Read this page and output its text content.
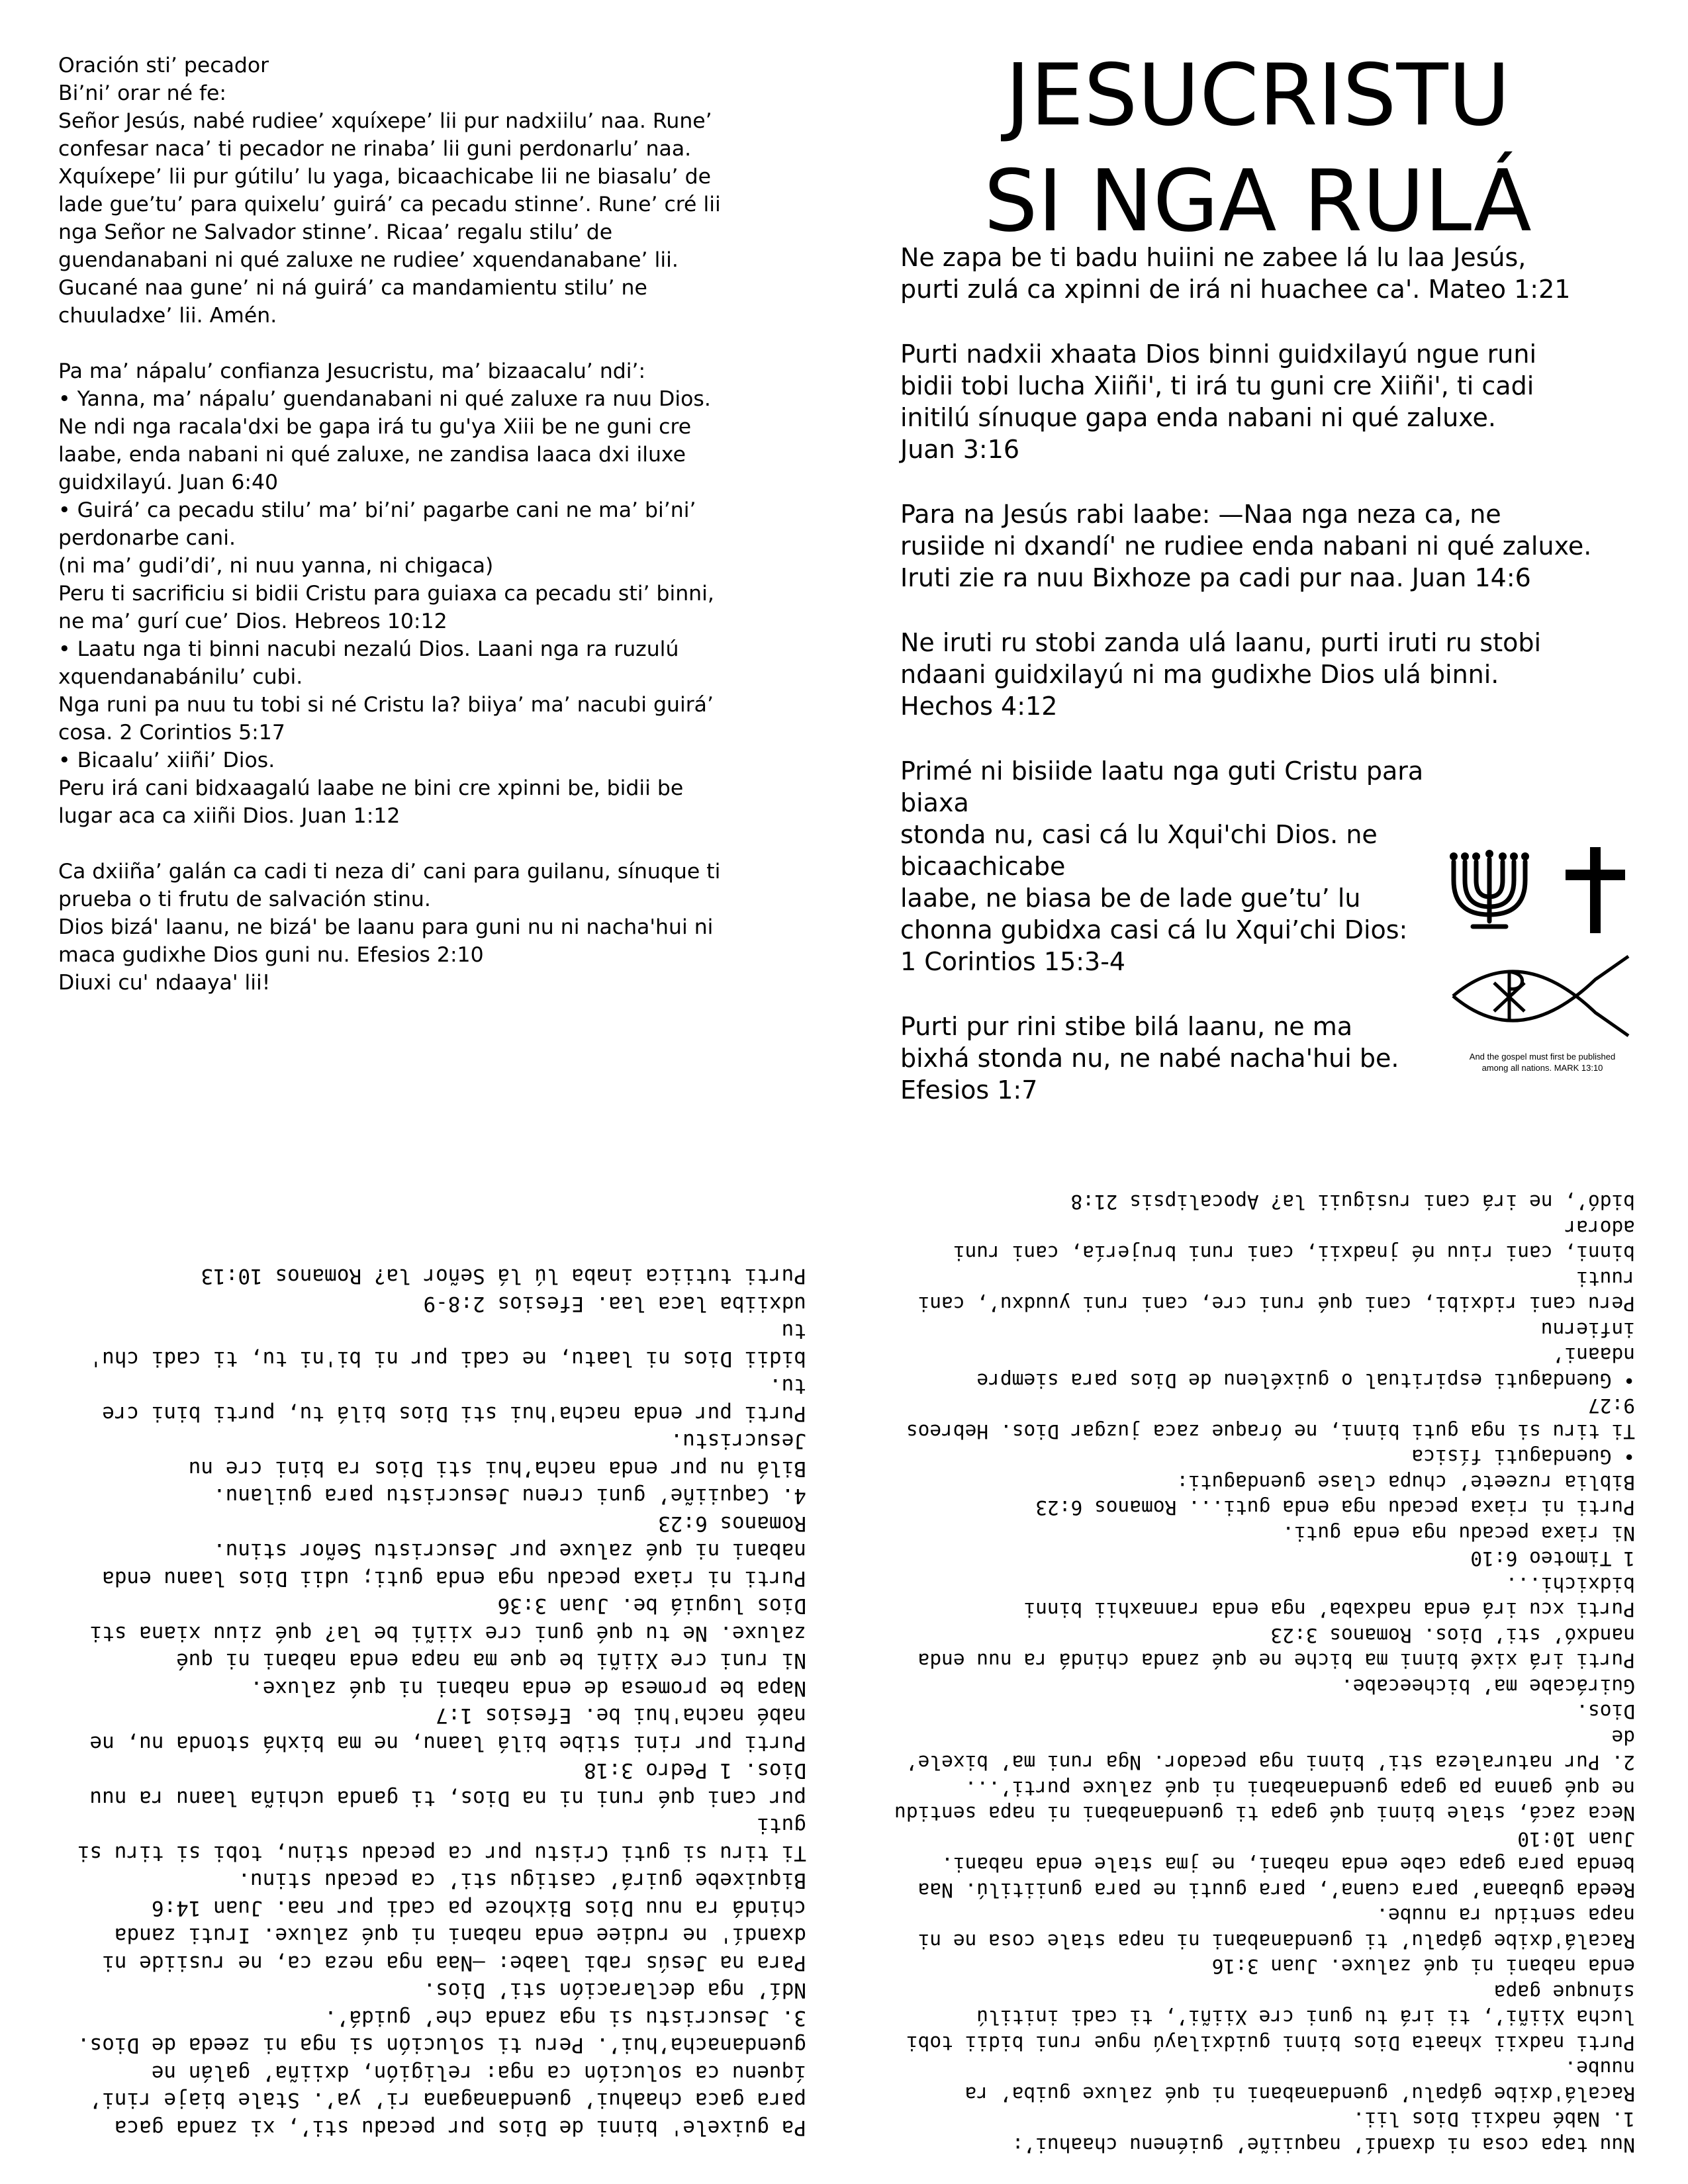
Oración sti’ pecador
Bi’ni’ orar né fe:
Señor Jesús, nabé rudiee’ xquíxepe’ lii pur nadxiilu’ naa. Rune’
confesar naca’ ti pecador ne rinaba’ lii guni perdonarlu’ naa.
Xquíxepe’ lii pur gútilu’ lu yaga, bicaachicabe lii ne biasalu’ de
lade gue’tu’ para quixelu’ guirá’ ca pecadu stinne’. Rune’ cré lii
nga Señor ne Salvador stinne’. Ricaa’ regalu stilu’ de
guendanabani ni qué zaluxe ne rudiee’ xquendanabane’ lii.
Gucané naa gune’ ni ná guirá’ ca mandamientu stilu’ ne
chuuladxe’ lii. Amén.

Pa ma’ nápalu’ confianza Jesucristu, ma’ bizaacalu’ ndi’:
• Yanna, ma’ nápalu’ guendanabani ni qué zaluxe ra nuu Dios.
Ne ndi nga racala'dxi be gapa irá tu gu'ya Xiii be ne guni cre
laabe, enda nabani ni qué zaluxe, ne zandisa laaca dxi iluxe
guidxilayú. Juan 6:40
• Guirá’ ca pecadu stilu’ ma’ bi’ni’ pagarbe cani ne ma’ bi’ni’
perdonarbe cani.
(ni ma’ gudi’di’, ni nuu yanna, ni chigaca)
Peru ti sacrificiu si bidii Cristu para guiaxa ca pecadu sti’ binni,
ne ma’ gurí cue’ Dios. Hebreos 10:12
• Laatu nga ti binni nacubi nezalú Dios. Laani nga ra ruzulú
xquendanabánilu’ cubi.
Nga runi pa nuu tu tobi si né Cristu la? biiya’ ma’ nacubi guirá’
cosa. 2 Corintios 5:17
• Bicaalu’ xiiñi’ Dios.
Peru irá cani bidxaagalú laabe ne bini cre xpinni be, bidii be
lugar aca ca xiiñi Dios. Juan 1:12

Ca dxiiña’ galán ca cadi ti neza di’ cani para guilanu, sínuque ti
prueba o ti frutu de salvación stinu.
Dios bizá' laanu, ne bizá' be laanu para guni nu ni nacha'hui ni
maca gudixhe Dios guni nu. Efesios 2:10
Diuxi cu' ndaaya' lii!

JESUCRISTU
SI NGA RULÁ

Ne zapa be ti badu huiini ne zabee lá lu laa Jesús,
purti zulá ca xpinni de irá ni huachee ca'. Mateo 1:21

Purti nadxii xhaata Dios binni guidxilayú ngue runi
bidii tobi lucha Xiiñi', ti irá tu guni cre Xiiñi', ti cadi
initilú sínuque gapa enda nabani ni qué zaluxe.
Juan 3:16

Para na Jesús rabi laabe: —Naa nga neza ca, ne
rusiide ni dxandí' ne rudiee enda nabani ni qué zaluxe.
Iruti zie ra nuu Bixhoze pa cadi pur naa. Juan 14:6

Ne iruti ru stobi zanda ulá laanu, purti iruti ru stobi
ndaani guidxilayú ni ma gudixhe Dios ulá binni.
Hechos 4:12

Primé ni bisiide laatu nga guti Cristu para biaxa
stonda nu, casi cá lu Xqui'chi Dios. ne bicaachicabe
laabe, ne biasa be de lade gue’tu’ lu
chonna gubidxa casi cá lu Xqui’chi Dios:
1 Corintios 15:3-4

Purti pur rini stibe bilá laanu, ne ma
bixhá stonda nu, ne nabé nacha'hui be.
Efesios 1:7

And the gospel must first be published
among all nations. MARK 13:10

Pa guixele' binni de Dios pur pecadu sti’, xi zanda gaca
para gaca chaahui’ guendanagana ri’ ya’. Stale biaje rini’
íquenu ca solución ca nga: religión, dxiiña’ galán ne
guendanacha’hui’. Peru ti solución si nga ni zeeda de Dios.
3. Jesucristu si nga zanda che’ guidá’.
Ndí’ nga declaración sti’ Dios.
Para na Jesús rabi laabe: —Naa nga neza ca, ne rusiide ni
dxandí' ne rudiee enda nabani ni qué zaluxe. Iruti zanda
chindá ra nuu Dios Bixhoze pa cadi pur naa. Juan 14:6
Biquixebe guirá’ castigu sti’ ca pecadu stinu.
Ti tiru si guti Cristu pur ca pecadu stinu, tobi si tiru si guti
pur cani qué runi ni na Dios, ti ganda uchiña laanu ra nuu
Dios. 1 Pedro 3:18
Purti pur rini stibe bilá laanu, ne ma bixhá stonda nu, ne
nabé nacha'hui be. Efesios 1:7
Napa be promesa de enda nabani ni qué zaluxe.
Ni runi cre Xiiñi be que ma napa enda nabani ni qué
zaluxe. Ne tu qué guni cre xiiñi be la? qué ziuu xiana sti
Dios luguiá be. Juan 3:36
Purti ni riaxa pecadu nga enda guti; udii Dios laanu enda
nabani ni qué zaluxe pur Jesucristu Señor stinu.
Romanos 6:23
4. Caquiiñe’ guni crenu Jesucristu para guilanu.
Bilá nu pur enda nacha’hui sti Dios ra bini cre nu
Jesucristu.
Purti pur enda nacha'hui sti Dios bilá tu, purti bini cre tu.
bidii Dios ni laatu, ne cadi pur ni bi'ni tu, ti cadi chu' tu
udxiiba laca laa. Efesios 2:8-9
Purti tutiica inaba lú lá Señor la? Romanos 10:13

Nuu tapa cosa ni dxandí’ naquiiñe’ guiénenu chaahui’:
1. Nabé nadxii Dios lii.
Racalá'dxibe gápalu’ guendanabani ni qué zaluxe guiba’ ra
nuube.
Purti nadxii xhaata Dios binni guidxilayú ngue runi bidii tobi
lucha Xiiñi’, ti irá tu guni cre Xiiñi’, ti cadi initilú sínuque gapa
enda nabani ni qué zaluxe. Juan 3:16
Racalá'dxibe gápalu’ ti guendanabani ni napa stale cosa ne ni
napa sentidu ra nuube.
Reeda gubaana’ para cuana’, para guuti ne para guniitilú. Naa
benda para gapa cabe enda nabani, ne jma stale enda nabani.
Juan 10:10
Neca zacá, stale binni qué gapa ti guendanabani ni napa sentidu
ne qué ganna pa gapa guendanabani ni qué zaluxe purti’...
2. Pur naturaleza sti’ binni nga pecador. Nga runi ma’ bixele’ de
Dios.
Guirácabe ma’ bicheecabe.
Purti irá xixé binni ma biche ne qué zanda chindá ra nuu enda
nandxó’ sti’ Dios. Romanos 3:23
Purti xcu irá enda nadxaba’ nga enda rannaxhii binni bidxichi...
1 Timoteo 6:10
Ni riaxa pecadu nga enda guti.
Purti ni riaxa pecadu nga enda guti... Romanos 6:23
Biblia ruzeete’ chupa clase guendaguti:
• Guendaguti física
Ti tiru si nga guti binni, ne óraque zaca juzgar Dios. Hebreos 9:27
• Guendaguti espiritual o guixélenu de Dios para siempre ndaani’
infiernu
Peru cani ridxibi, cani qué runi cre, cani runi yuudxu’, cani ruuti
binni, cani riuu né jnadxii, cani runi brujería, cani runi adorar
bidó’, ne irá cani rusiguii la? Apocalipsis 21:8
